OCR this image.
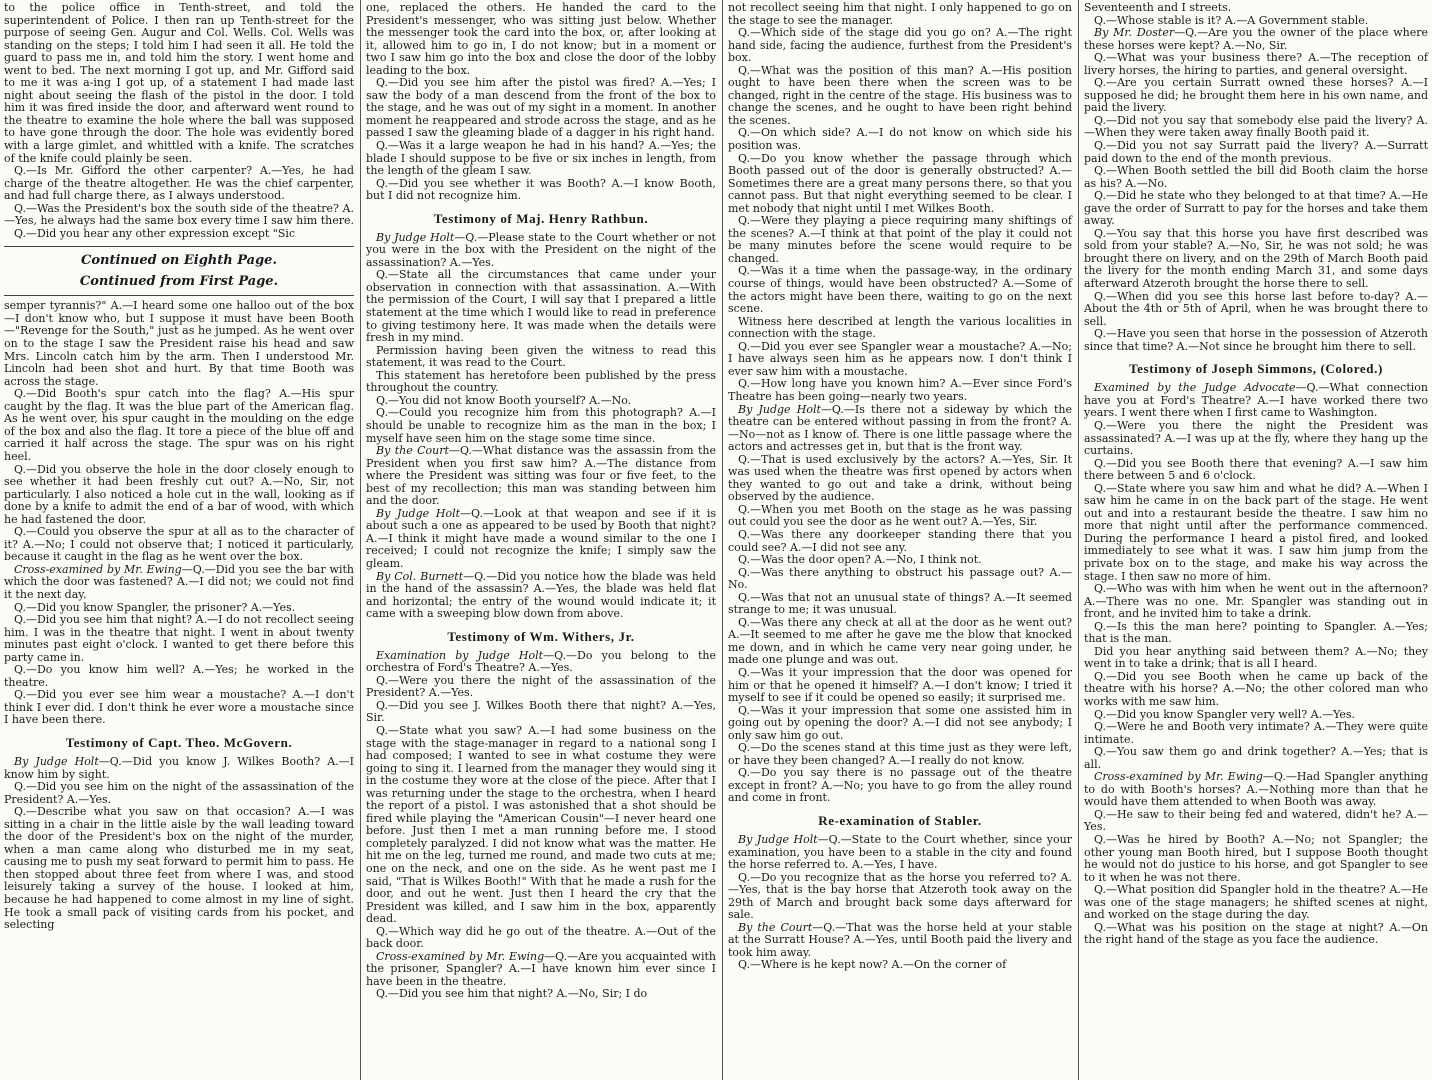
to the police office in Tenth-street, and told the superintendent of Police. I then ran up Tenth-street for the purpose of seeing Gen. Augur and Col. Wells. Col. Wells was standing on the steps; I told him I had seen it all. He told the guard to pass me in, and told him the story. I went home and went to bed. The next morning I got up, and Mr. Gifford said to me it was a-ing I got up, of a statement I had made last night about seeing the flash of the pistol in the door. I told him it was fired inside the door, and afterward went round to the theatre to examine the hole where the ball was supposed to have gone through the door. The hole was evidently bored with a large gimlet, and whittled with a knife. The scratches of the knife could plainly be seen.

Q.—Is Mr. Gifford the other carpenter? A.—Yes, he had charge of the theatre altogether. He was the chief carpenter, and had full charge there, as I always understood.

Q.—Was the President's box the south side of the theatre? A.—Yes, he always had the same box every time I saw him there.

Q.—Did you hear any other expression except "Sic

Continued on Eighth Page.
Continued from First Page.

semper tyrannis?" A.—I heard some one halloo out of the box—I don't know who, but I suppose it must have been Booth—"Revenge for the South," just as he jumped. As he went over on to the stage I saw the President raise his head and saw Mrs. Lincoln catch him by the arm. Then I understood Mr. Lincoln had been shot and hurt. By that time Booth was across the stage.

Q.—Did Booth's spur catch into the flag? A.—His spur caught by the flag. It was the blue part of the American flag. As he went over, his spur caught in the moulding on the edge of the box and also the flag. It tore a piece of the blue off and carried it half across the stage. The spur was on his right heel.

Q.—Did you observe the hole in the door closely enough to see whether it had been freshly cut out? A.—No, Sir, not particularly. I also noticed a hole cut in the wall, looking as if done by a knife to admit the end of a bar of wood, with which he had fastened the door.

Q.—Could you observe the spur at all as to the character of it? A.—No; I could not observe that; I noticed it particularly, because it caught in the flag as he went over the box.

Cross-examined by Mr. Ewing—Q.—Did you see the bar with which the door was fastened? A.—I did not; we could not find it the next day.

Q.—Did you know Spangler, the prisoner? A.—Yes.

Q.—Did you see him that night? A.—I do not recollect seeing him. I was in the theatre that night. I went in about twenty minutes past eight o'clock. I wanted to get there before this party came in.

Q.—Do you know him well? A.—Yes; he worked in the theatre.

Q.—Did you ever see him wear a moustache? A.—I don't think I ever did. I don't think he ever wore a moustache since I have been there.

Testimony of Capt. Theo. McGovern.

By Judge Holt—Q.—Did you know J. Wilkes Booth? A.—I know him by sight.

Q.—Did you see him on the night of the assassination of the President? A.—Yes.

Q.—Describe what you saw on that occasion? A.—I was sitting in a chair in the little aisle by the wall leading toward the door of the President's box on the night of the murder, when a man came along who disturbed me in my seat, causing me to push my seat forward to permit him to pass. He then stopped about three feet from where I was, and stood leisurely taking a survey of the house. I looked at him, because he had happened to come almost in my line of sight. He took a small pack of visiting cards from his pocket, and selecting

one, replaced the others. He handed the card to the President's messenger, who was sitting just below. Whether the messenger took the card into the box, or, after looking at it, allowed him to go in, I do not know; but in a moment or two I saw him go into the box and close the door of the lobby leading to the box.

Q.—Did you see him after the pistol was fired? A.—Yes; I saw the body of a man descend from the front of the box to the stage, and he was out of my sight in a moment. In another moment he reappeared and strode across the stage, and as he passed I saw the gleaming blade of a dagger in his right hand.

Q.—Was it a large weapon he had in his hand? A.—Yes; the blade I should suppose to be five or six inches in length, from the length of the gleam I saw.

Q.—Did you see whether it was Booth? A.—I know Booth, but I did not recognize him.

Testimony of Maj. Henry Rathbun.

By Judge Holt—Q.—Please state to the Court whether or not you were in the box with the President on the night of the assassination? A.—Yes.

Q.—State all the circumstances that came under your observation in connection with that assassination. A.—With the permission of the Court, I will say that I prepared a little statement at the time which I would like to read in preference to giving testimony here. It was made when the details were fresh in my mind.

Permission having been given the witness to read this statement, it was read to the Court.

This statement has heretofore been published by the press throughout the country.

Q.—You did not know Booth yourself? A.—No.

Q.—Could you recognize him from this photograph? A.—I should be unable to recognize him as the man in the box; I myself have seen him on the stage some time since.

By the Court—Q.—What distance was the assassin from the President when you first saw him? A.—The distance from where the President was sitting was four or five feet, to the best of my recollection; this man was standing between him and the door.

By Judge Holt—Q.—Look at that weapon and see if it is about such a one as appeared to be used by Booth that night? A.—I think it might have made a wound similar to the one I received; I could not recognize the knife; I simply saw the gleam.

By Col. Burnett—Q.—Did you notice how the blade was held in the hand of the assassin? A.—Yes, the blade was held flat and horizontal; the entry of the wound would indicate it; it came with a sweeping blow down from above.

Testimony of Wm. Withers, Jr.

Examination by Judge Holt—Q.—Do you belong to the orchestra of Ford's Theatre? A.—Yes.

Q.—Were you there the night of the assassination of the President? A.—Yes.

Q.—Did you see J. Wilkes Booth there that night? A.—Yes, Sir.

Q.—State what you saw? A.—I had some business on the stage with the stage-manager in regard to a national song I had composed; I wanted to see in what costume they were going to sing it. I learned from the manager they would sing it in the costume they wore at the close of the piece. After that I was returning under the stage to the orchestra, when I heard the report of a pistol. I was astonished that a shot should be fired while playing the "American Cousin"—I never heard one before. Just then I met a man running before me. I stood completely paralyzed. I did not know what was the matter. He hit me on the leg, turned me round, and made two cuts at me; one on the neck, and one on the side. As he went past me I said, "That is Wilkes Booth!" With that he made a rush for the door, and out he went. Just then I heard the cry that the President was killed, and I saw him in the box, apparently dead.

Q.—Which way did he go out of the theatre. A.—Out of the back door.

Cross-examined by Mr. Ewing—Q.—Are you acquainted with the prisoner, Spangler? A.—I have known him ever since I have been in the theatre.

Q.—Did you see him that night? A.—No, Sir; I do

not recollect seeing him that night. I only happened to go on the stage to see the manager.

Q.—Which side of the stage did you go on? A.—The right hand side, facing the audience, furthest from the President's box.

Q.—What was the position of this man? A.—His position ought to have been there when the screen was to be changed, right in the centre of the stage. His business was to change the scenes, and he ought to have been right behind the scenes.

Q.—On which side? A.—I do not know on which side his position was.

Q.—Do you know whether the passage through which Booth passed out of the door is generally obstructed? A.—Sometimes there are a great many persons there, so that you cannot pass. But that night everything seemed to be clear. I met nobody that night until I met Wilkes Booth.

Q.—Were they playing a piece requiring many shiftings of the scenes? A.—I think at that point of the play it could not be many minutes before the scene would require to be changed.

Q.—Was it a time when the passage-way, in the ordinary course of things, would have been obstructed? A.—Some of the actors might have been there, waiting to go on the next scene.

Witness here described at length the various localities in connection with the stage.

Q.—Did you ever see Spangler wear a moustache? A.—No; I have always seen him as he appears now. I don't think I ever saw him with a moustache.

Q.—How long have you known him? A.—Ever since Ford's Theatre has been going—nearly two years.

By Judge Holt—Q.—Is there not a sideway by which the theatre can be entered without passing in from the front? A.—No—not as I know of. There is one little passage where the actors and actresses get in, but that is the front way.

Q.—That is used exclusively by the actors? A.—Yes, Sir. It was used when the theatre was first opened by actors when they wanted to go out and take a drink, without being observed by the audience.

Q.—When you met Booth on the stage as he was passing out could you see the door as he went out? A.—Yes, Sir.

Q.—Was there any doorkeeper standing there that you could see? A.—I did not see any.

Q.—Was the door open? A.—No, I think not.

Q.—Was there anything to obstruct his passage out? A.—No.

Q.—Was that not an unusual state of things? A.—It seemed strange to me; it was unusual.

Q.—Was there any check at all at the door as he went out? A.—It seemed to me after he gave me the blow that knocked me down, and in which he came very near going under, he made one plunge and was out.

Q.—Was it your impression that the door was opened for him or that he opened it himself? A.—I don't know; I tried it myself to see if it could be opened so easily; it surprised me.

Q.—Was it your impression that some one assisted him in going out by opening the door? A.—I did not see anybody; I only saw him go out.

Q.—Do the scenes stand at this time just as they were left, or have they been changed? A.—I really do not know.

Q.—Do you say there is no passage out of the theatre except in front? A.—No; you have to go from the alley round and come in front.

Re-examination of Stabler.

By Judge Holt—Q.—State to the Court whether, since your examination, you have been to a stable in the city and found the horse referred to. A.—Yes, I have.

Q.—Do you recognize that as the horse you referred to? A.—Yes, that is the bay horse that Atzeroth took away on the 29th of March and brought back some days afterward for sale.

By the Court—Q.—That was the horse held at your stable at the Surratt House? A.—Yes, until Booth paid the livery and took him away.

Q.—Where is he kept now? A.—On the corner of

Seventeenth and I streets.

Q.—Whose stable is it? A.—A Government stable.

By Mr. Doster—Q.—Are you the owner of the place where these horses were kept? A.—No, Sir.

Q.—What was your business there? A.—The reception of livery horses, the hiring to parties, and general oversight.

Q.—Are you certain Surratt owned these horses? A.—I supposed he did; he brought them here in his own name, and paid the livery.

Q.—Did not you say that somebody else paid the livery? A.—When they were taken away finally Booth paid it.

Q.—Did you not say Surratt paid the livery? A.—Surratt paid down to the end of the month previous.

Q.—When Booth settled the bill did Booth claim the horse as his? A.—No.

Q.—Did he state who they belonged to at that time? A.—He gave the order of Surratt to pay for the horses and take them away.

Q.—You say that this horse you have first described was sold from your stable? A.—No, Sir, he was not sold; he was brought there on livery, and on the 29th of March Booth paid the livery for the month ending March 31, and some days afterward Atzeroth brought the horse there to sell.

Q.—When did you see this horse last before to-day? A.—About the 4th or 5th of April, when he was brought there to sell.

Q.—Have you seen that horse in the possession of Atzeroth since that time? A.—Not since he brought him there to sell.

Testimony of Joseph Simmons, (Colored.)

Examined by the Judge Advocate—Q.—What connection have you at Ford's Theatre? A.—I have worked there two years. I went there when I first came to Washington.

Q.—Were you there the night the President was assassinated? A.—I was up at the fly, where they hang up the curtains.

Q.—Did you see Booth there that evening? A.—I saw him there between 5 and 6 o'clock.

Q.—State where you saw him and what he did? A.—When I saw him he came in on the back part of the stage. He went out and into a restaurant beside the theatre. I saw him no more that night until after the performance commenced. During the performance I heard a pistol fired, and looked immediately to see what it was. I saw him jump from the private box on to the stage, and make his way across the stage. I then saw no more of him.

Q.—Who was with him when he went out in the afternoon? A.—There was no one. Mr. Spangler was standing out in front, and he invited him to take a drink.

Q.—Is this the man here? pointing to Spangler. A.—Yes; that is the man.

Did you hear anything said between them? A.—No; they went in to take a drink; that is all I heard.

Q.—Did you see Booth when he came up back of the theatre with his horse? A.—No; the other colored man who works with me saw him.

Q.—Did you know Spangler very well? A.—Yes.

Q.—Were he and Booth very intimate? A.—They were quite intimate.

Q.—You saw them go and drink together? A.—Yes; that is all.

Cross-examined by Mr. Ewing—Q.—Had Spangler anything to do with Booth's horses? A.—Nothing more than that he would have them attended to when Booth was away.

Q.—He saw to their being fed and watered, didn't he? A.—Yes.

Q.—Was he hired by Booth? A.—No; not Spangler; the other young man Booth hired, but I suppose Booth thought he would not do justice to his horse, and got Spangler to see to it when he was not there.

Q.—What position did Spangler hold in the theatre? A.—He was one of the stage managers; he shifted scenes at night, and worked on the stage during the day.

Q.—What was his position on the stage at night? A.—On the right hand of the stage as you face the audience.
